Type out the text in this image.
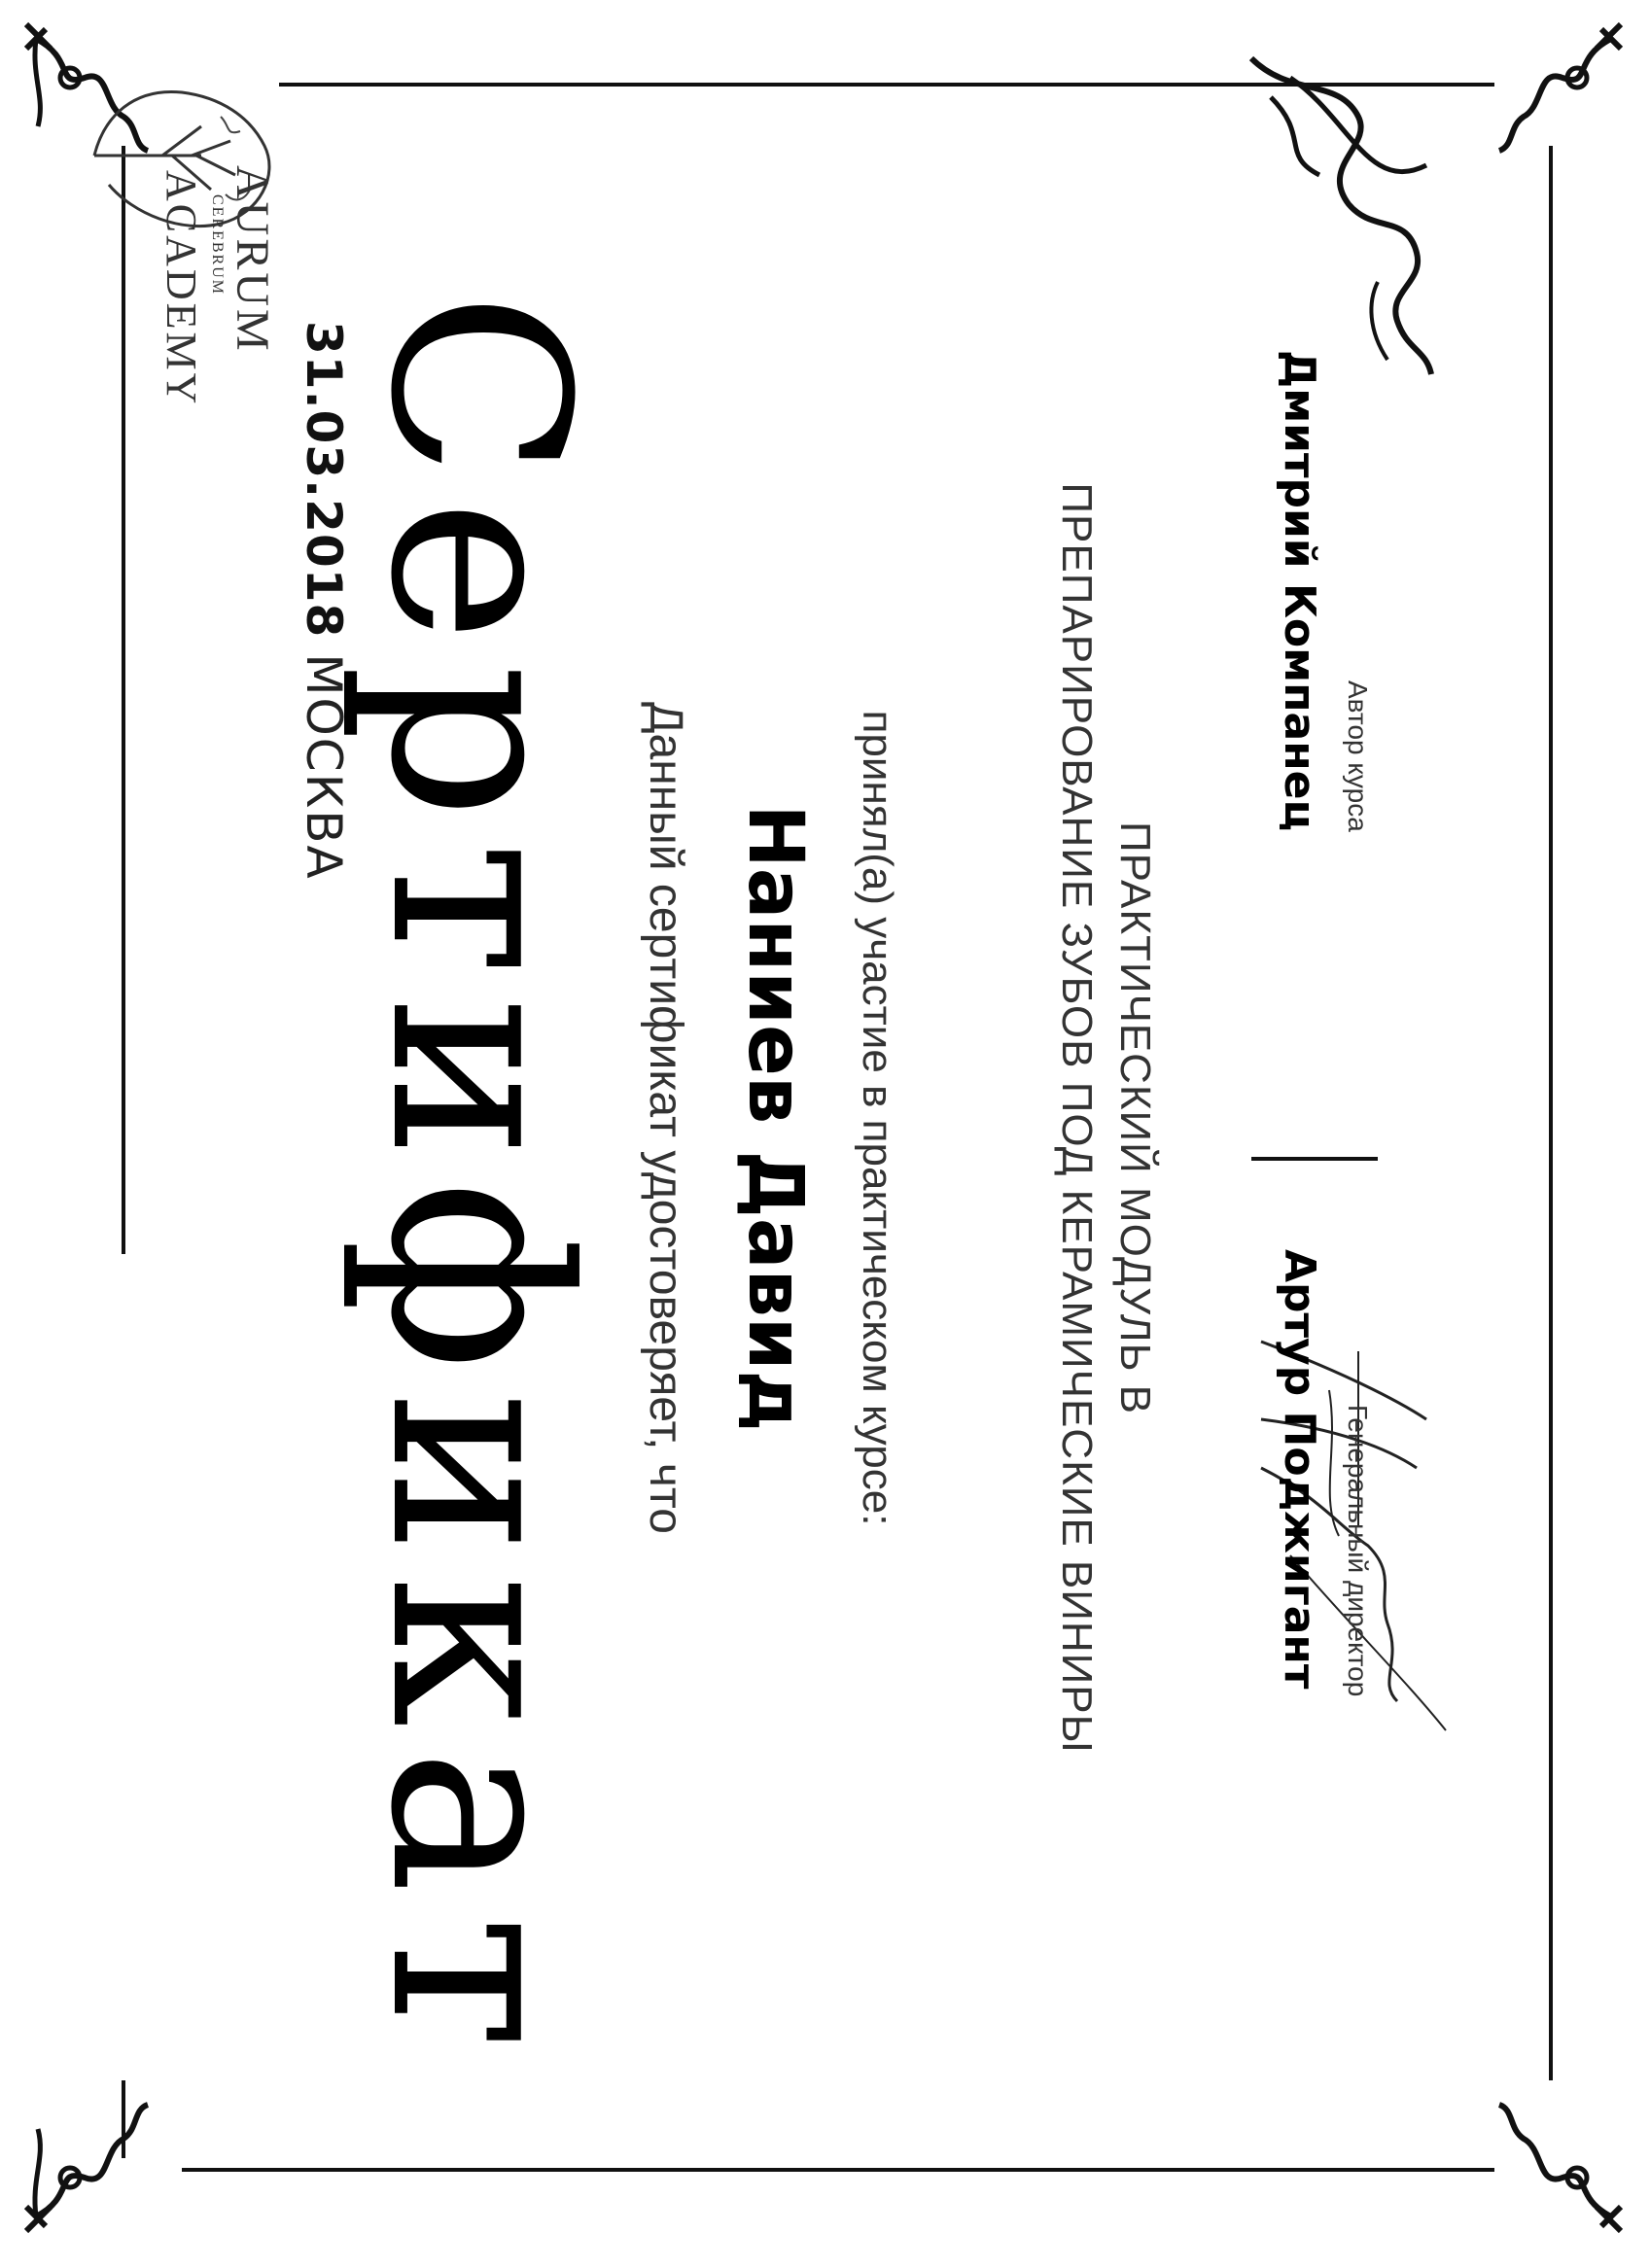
AURUM
CEREBRUM
ACADEMY
31.03.2018МОСКВА
Сертификат Данный сертификат удостоверяет, что Наниев Давид принял(а) участие в практическом курсе:	ПРЕПАРИРОВАНИЕ ЗУБОВ ПОД КЕРАМИЧЕСКИЕ ВИНИРЫ ПРАКТИЧЕСКИЙ МОДУЛЬ В
Дмитрий Компанец Автор курса
Артур Поджигант Генеральный директор
